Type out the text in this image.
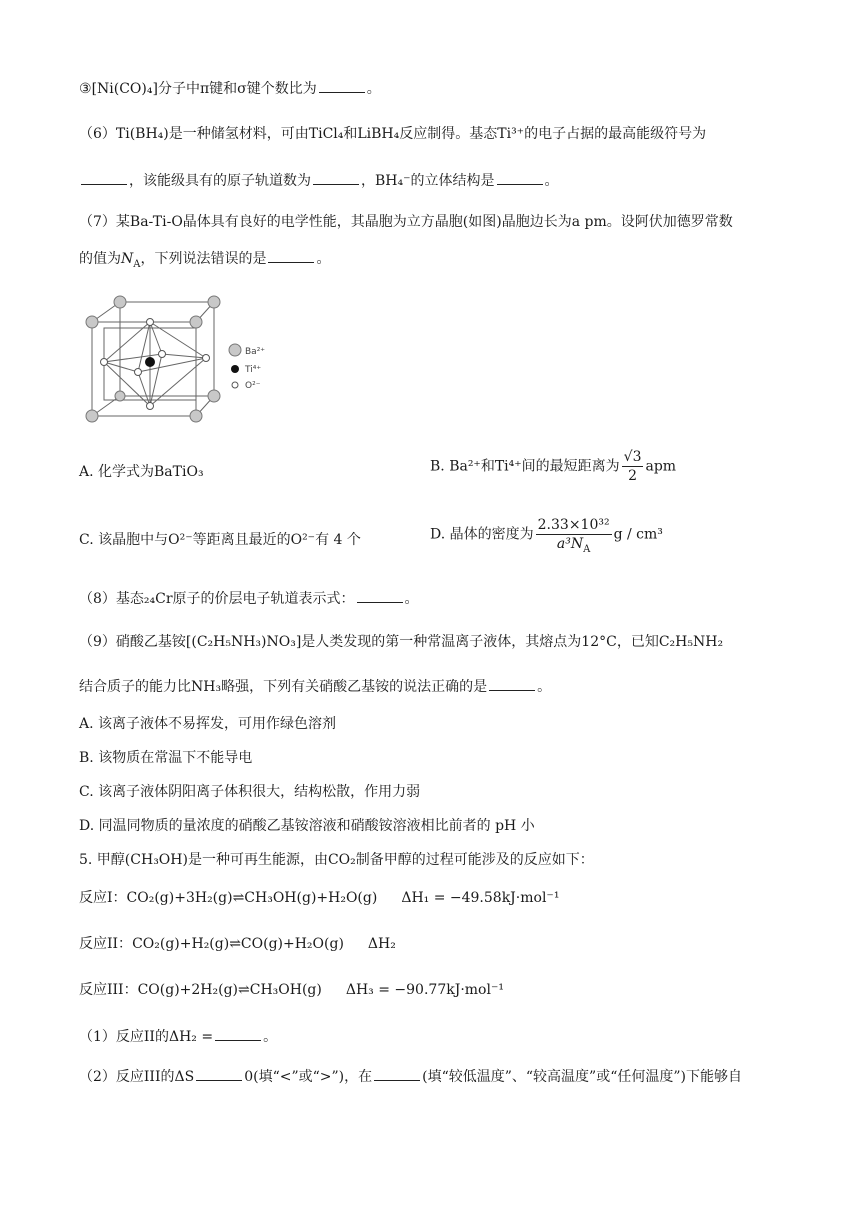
③[Ni(CO)₄]分子中π键和σ键个数比为	。
（6）Ti(BH₄)是一种储氢材料，可由TiCl₄和LiBH₄反应制得。基态Ti³⁺的电子占据的最高能级符号为
，该能级具有的原子轨道数为	，BH₄⁻的立体结构是	。
（7）某Ba-Ti-O晶体具有良好的电学性能，其晶胞为立方晶胞(如图)晶胞边长为a pm。设阿伏加德罗常数
的值为$N_A$，下列说法错误的是	。
Ba²⁺
Ti⁴⁺
O²⁻
A. 化学式为BaTiO₃	B. Ba²⁺和Ti⁴⁺间的最短距离为 $\frac{√3}{2}$ apm
C. 该晶胞中与O²⁻等距离且最近的O²⁻有 4 个	D. 晶体的密度为 $\frac{\text{2.33×10³²}}{a^3N_A}$ g / cm³
（8）基态₂₄Cr原子的价层电子轨道表示式：	。
（9）硝酸乙基铵[(C₂H₅NH₃)NO₃]是人类发现的第一种常温离子液体，其熔点为12°C，已知C₂H₅NH₂
结合质子的能力比NH₃略强，下列有关硝酸乙基铵的说法正确的是	。
A. 该离子液体不易挥发，可用作绿色溶剂
B. 该物质在常温下不能导电
C. 该离子液体阴阳离子体积很大，结构松散，作用力弱
D. 同温同物质的量浓度的硝酸乙基铵溶液和硝酸铵溶液相比前者的 pH 小
5. 甲醇(CH₃OH)是一种可再生能源，由CO₂制备甲醇的过程可能涉及的反应如下：
反应I：CO₂(g)+3H₂(g)⇌CH₃OH(g)+H₂O(g) ΔH₁ = −49.58kJ·mol⁻¹
反应II：CO₂(g)+H₂(g)⇌CO(g)+H₂O(g) ΔH₂
反应III：CO(g)+2H₂(g)⇌CH₃OH(g) ΔH₃ = −90.77kJ·mol⁻¹
（1）反应II的ΔH₂ =	。
（2）反应III的ΔS	0(填“<”或“>”)，在	(填“较低温度”、“较高温度”或“任何温度”)下能够自
